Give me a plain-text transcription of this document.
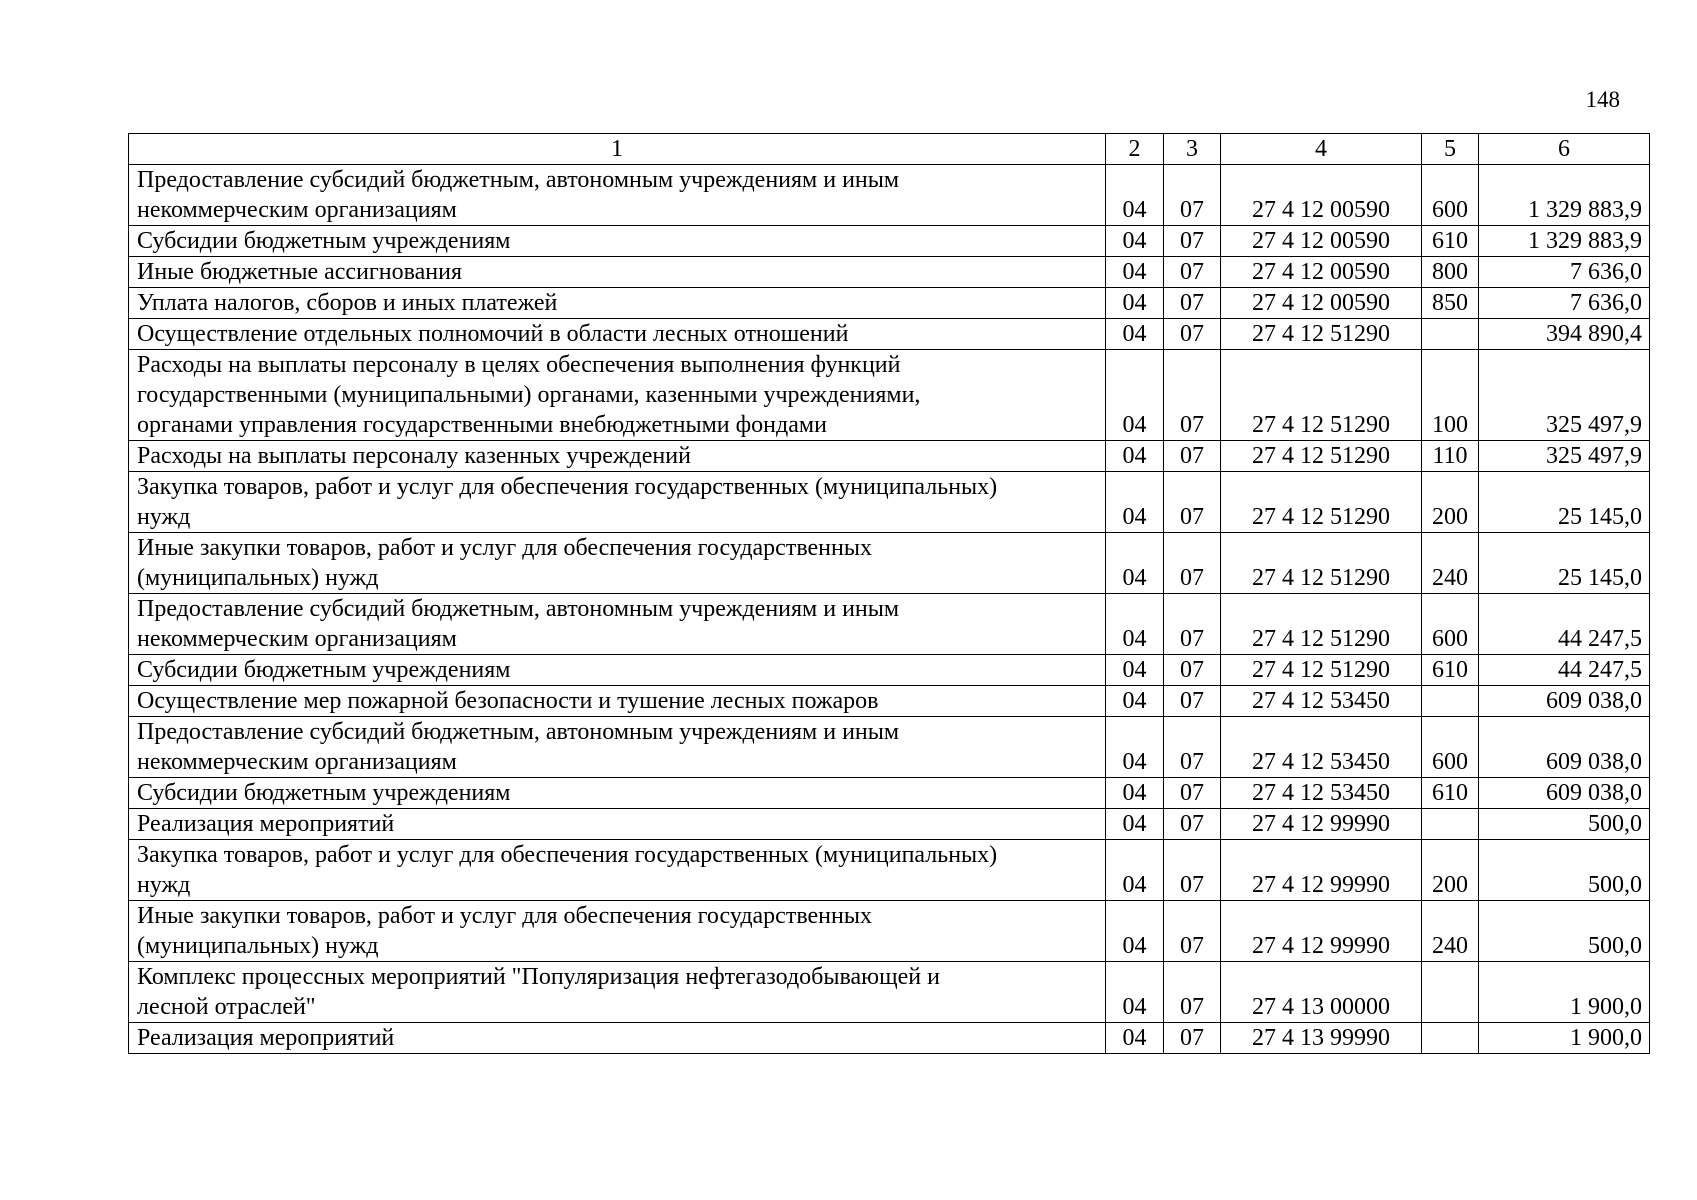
148
1	2	3	4	5	6

Предоставление субсидий бюджетным, автономным учреждениям и иным
некоммерческим организациям	04	07	27 4 12 00590	600	1 329 883,9

Субсидии бюджетным учреждениям	04	07	27 4 12 00590	610	1 329 883,9

Иные бюджетные ассигнования	04	07	27 4 12 00590	800	7 636,0

Уплата налогов, сборов и иных платежей	04	07	27 4 12 00590	850	7 636,0

Осуществление отдельных полномочий в области лесных отношений	04	07	27 4 12 51290		394 890,4

Расходы на выплаты персоналу в целях обеспечения выполнения функций
государственными (муниципальными) органами, казенными учреждениями,
органами управления государственными внебюджетными фондами	04	07	27 4 12 51290	100	325 497,9

Расходы на выплаты персоналу казенных учреждений	04	07	27 4 12 51290	110	325 497,9

Закупка товаров, работ и услуг для обеспечения государственных (муниципальных)
нужд	04	07	27 4 12 51290	200	25 145,0

Иные закупки товаров, работ и услуг для обеспечения государственных
(муниципальных) нужд	04	07	27 4 12 51290	240	25 145,0

Предоставление субсидий бюджетным, автономным учреждениям и иным
некоммерческим организациям	04	07	27 4 12 51290	600	44 247,5

Субсидии бюджетным учреждениям	04	07	27 4 12 51290	610	44 247,5

Осуществление мер пожарной безопасности и тушение лесных пожаров	04	07	27 4 12 53450		609 038,0

Предоставление субсидий бюджетным, автономным учреждениям и иным
некоммерческим организациям	04	07	27 4 12 53450	600	609 038,0

Субсидии бюджетным учреждениям	04	07	27 4 12 53450	610	609 038,0

Реализация мероприятий	04	07	27 4 12 99990		500,0

Закупка товаров, работ и услуг для обеспечения государственных (муниципальных)
нужд	04	07	27 4 12 99990	200	500,0

Иные закупки товаров, работ и услуг для обеспечения государственных
(муниципальных) нужд	04	07	27 4 12 99990	240	500,0

Комплекс процессных мероприятий "Популяризация нефтегазодобывающей и
лесной отраслей"	04	07	27 4 13 00000		1 900,0

Реализация мероприятий	04	07	27 4 13 99990		1 900,0
